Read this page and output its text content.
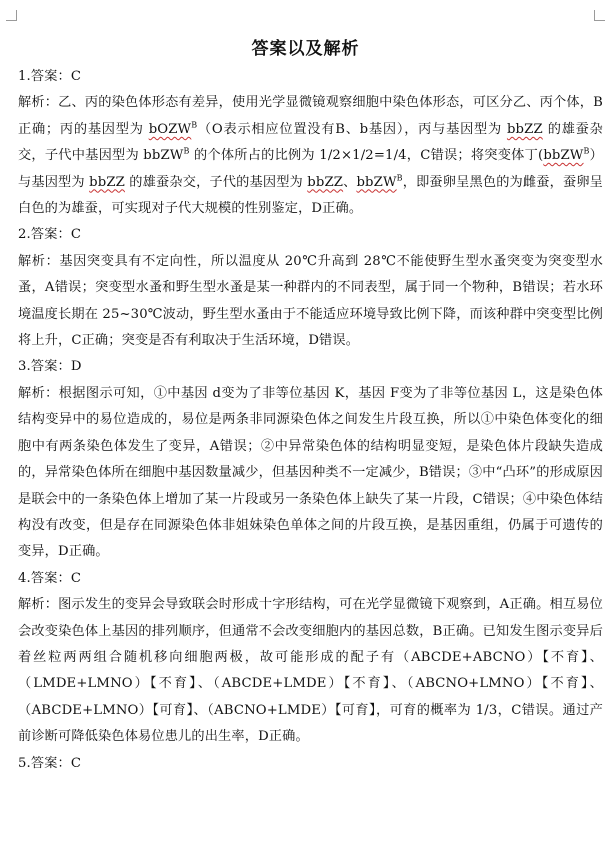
答案以及解析

1.答案：C

解析：乙、丙的染色体形态有差异，使用光学显微镜观察细胞中染色体形态，可区分乙、丙个体，B正确；丙的基因型为 bOZW$^B$（O表示相应位置没有B、b基因），丙与基因型为 bbZZ 的雄蚕杂交，子代中基因型为 bbZW$^B$ 的个体所占的比例为 1/2×1/2=1/4，C错误；将突变体丁(bbZW$^B$）与基因型为 bbZZ 的雄蚕杂交，子代的基因型为 bbZZ、bbZW$^B$，即蚕卵呈黑色的为雌蚕，蚕卵呈白色的为雄蚕，可实现对子代大规模的性别鉴定，D正确。

2.答案：C

解析：基因突变具有不定向性，所以温度从 20℃升高到 28℃不能使野生型水蚤突变为突变型水蚤，A错误；突变型水蚤和野生型水蚤是某一种群内的不同表型，属于同一个物种，B错误；若水环境温度长期在 25~30℃波动，野生型水蚤由于不能适应环境导致比例下降，而该种群中突变型比例将上升，C正确；突变是否有利取决于生活环境，D错误。

3.答案：D

解析：根据图示可知，①中基因 d变为了非等位基因 K，基因 F变为了非等位基因 L，这是染色体结构变异中的易位造成的，易位是两条非同源染色体之间发生片段互换，所以①中染色体变化的细胞中有两条染色体发生了变异，A错误；②中异常染色体的结构明显变短，是染色体片段缺失造成的，异常染色体所在细胞中基因数量减少，但基因种类不一定减少，B错误；③中“凸环”的形成原因是联会中的一条染色体上增加了某一片段或另一条染色体上缺失了某一片段，C错误；④中染色体结构没有改变，但是存在同源染色体非姐妹染色单体之间的片段互换，是基因重组，仍属于可遗传的变异，D正确。

4.答案：C

解析：图示发生的变异会导致联会时形成十字形结构，可在光学显微镜下观察到，A正确。相互易位会改变染色体上基因的排列顺序，但通常不会改变细胞内的基因总数，B正确。已知发生图示变异后着丝粒两两组合随机移向细胞两极，故可能形成的配子有（ABCDE+ABCNO）【不育】、（LMDE+LMNO）【不育】、（ABCDE+LMDE）【不育】、（ABCNO+LMNO）【不育】、（ABCDE+LMNO）【可育】、（ABCNO+LMDE）【可育】，可育的概率为 1/3，C错误。通过产前诊断可降低染色体易位患儿的出生率，D正确。

5.答案：C
